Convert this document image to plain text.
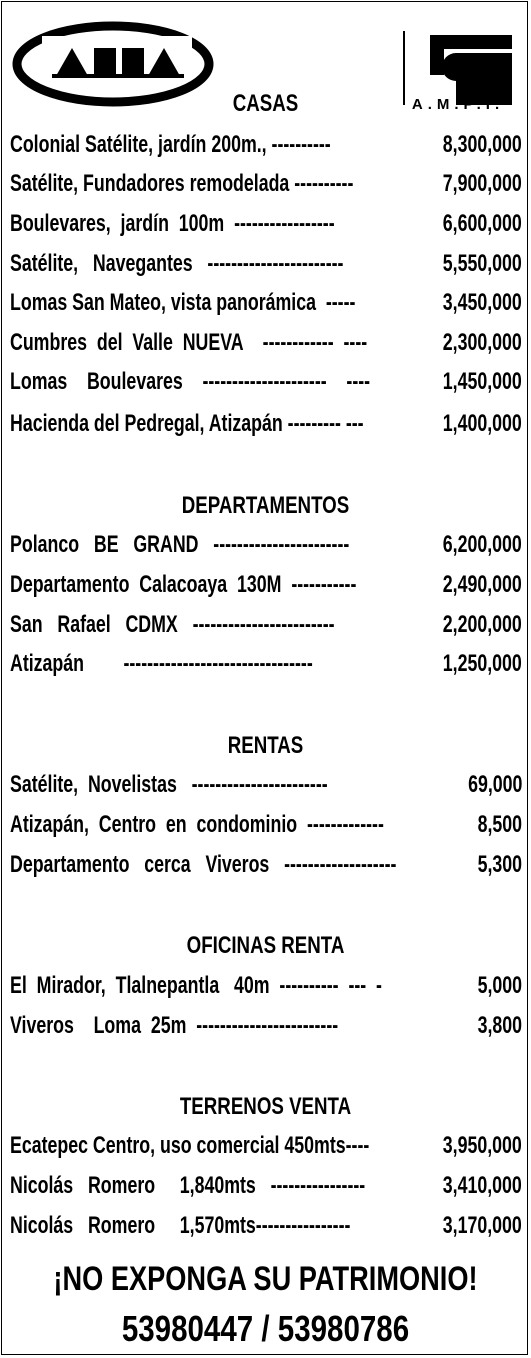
A.M.P.I.
CASAS
Colonial Satélite, jardín 200m., ----------	8,300,000
Satélite, Fundadores remodelada ----------	7,900,000
Boulevares,  jardín  100m  -----------------	6,600,000
Satélite,   Navegantes   -----------------------	5,550,000
Lomas San Mateo, vista panorámica  -----	3,450,000
Cumbres  del  Valle  NUEVA    ------------  ----	2,300,000
Lomas    Boulevares    ---------------------    ----	1,450,000
Hacienda del Pedregal, Atizapán --------- ---	1,400,000
DEPARTAMENTOS
Polanco   BE   GRAND   -----------------------	6,200,000
Departamento  Calacoaya  130M  -----------	2,490,000
San   Rafael   CDMX   ------------------------	2,200,000
Atizapán        --------------------------------	1,250,000
RENTAS
Satélite,  Novelistas   -----------------------	69,000
Atizapán,  Centro  en  condominio  -------------	8,500
Departamento   cerca   Viveros   -------------------	5,300
OFICINAS RENTA
El  Mirador,  Tlalnepantla   40m  ----------  ---  -	5,000
Viveros    Loma  25m  ------------------------	3,800
TERRENOS VENTA
Ecatepec Centro, uso comercial 450mts----	3,950,000
Nicolás   Romero     1,840mts   ----------------	3,410,000
Nicolás   Romero     1,570mts----------------	3,170,000
¡NO EXPONGA SU PATRIMONIO!
53980447 / 53980786
